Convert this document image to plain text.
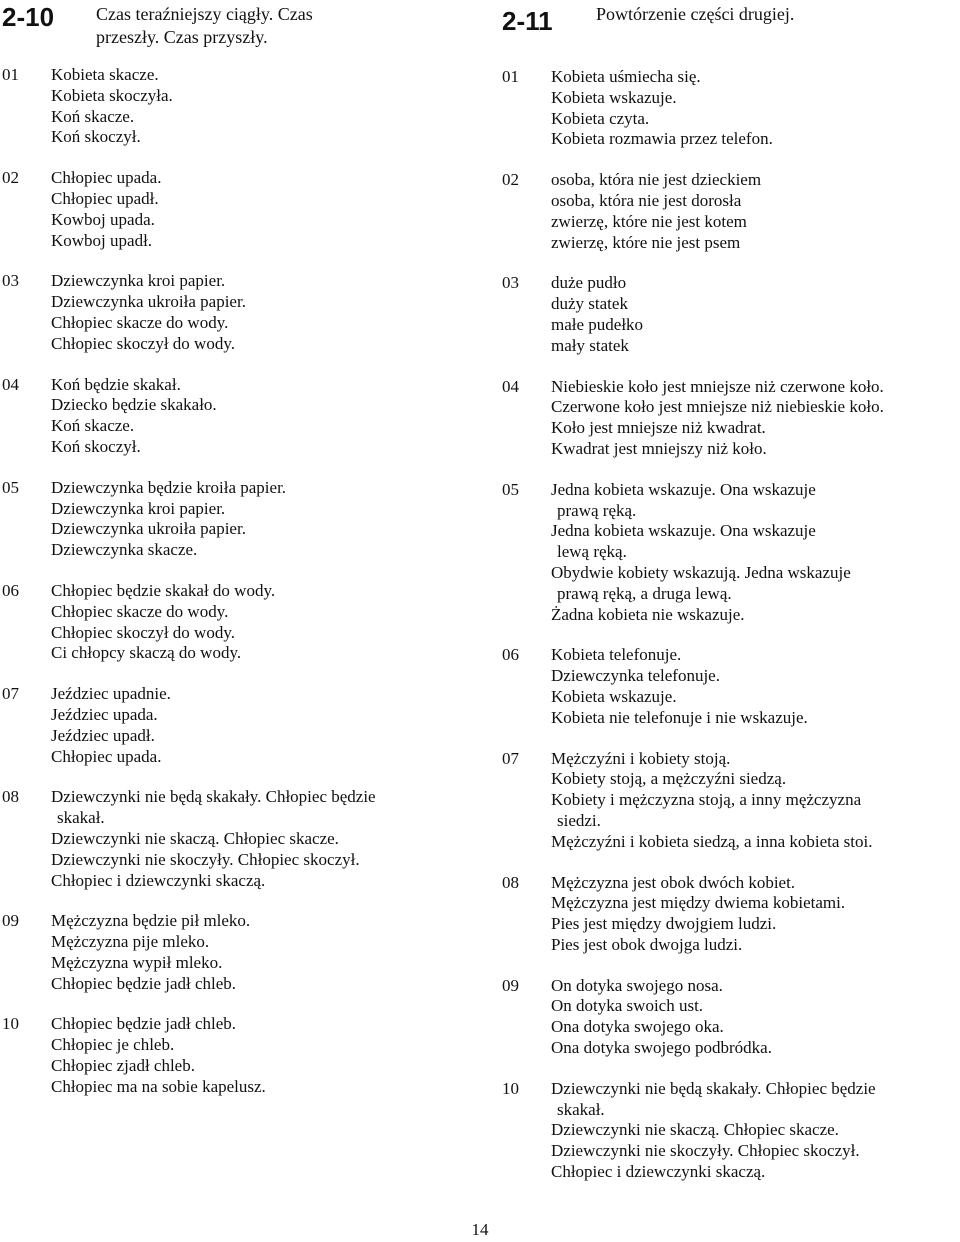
2-10 Czas teraźniejszy ciągły. Czas
przeszły. Czas przyszły.
01 Kobieta skacze.
Kobieta skoczyła.
Koń skacze.
Koń skoczył.
02 Chłopiec upada.
Chłopiec upadł.
Kowboj upada.
Kowboj upadł.
03 Dziewczynka kroi papier.
Dziewczynka ukroiła papier.
Chłopiec skacze do wody.
Chłopiec skoczył do wody.
04 Koń będzie skakał.
Dziecko będzie skakało.
Koń skacze.
Koń skoczył.
05 Dziewczynka będzie kroiła papier.
Dziewczynka kroi papier.
Dziewczynka ukroiła papier.
Dziewczynka skacze.
06 Chłopiec będzie skakał do wody.
Chłopiec skacze do wody.
Chłopiec skoczył do wody.
Ci chłopcy skaczą do wody.
07 Jeździec upadnie.
Jeździec upada.
Jeździec upadł.
Chłopiec upada.
08 Dziewczynki nie będą skakały. Chłopiec będzie
skakał.
Dziewczynki nie skaczą. Chłopiec skacze.
Dziewczynki nie skoczyły. Chłopiec skoczył.
Chłopiec i dziewczynki skaczą.
09 Mężczyzna będzie pił mleko.
Mężczyzna pije mleko.
Mężczyzna wypił mleko.
Chłopiec będzie jadł chleb.
10 Chłopiec będzie jadł chleb.
Chłopiec je chleb.
Chłopiec zjadł chleb.
Chłopiec ma na sobie kapelusz.
2-11 Powtórzenie części drugiej.
01 Kobieta uśmiecha się.
Kobieta wskazuje.
Kobieta czyta.
Kobieta rozmawia przez telefon.
02 osoba, która nie jest dzieckiem
osoba, która nie jest dorosła
zwierzę, które nie jest kotem
zwierzę, które nie jest psem
03 duże pudło
duży statek
małe pudełko
mały statek
04 Niebieskie koło jest mniejsze niż czerwone koło.
Czerwone koło jest mniejsze niż niebieskie koło.
Koło jest mniejsze niż kwadrat.
Kwadrat jest mniejszy niż koło.
05 Jedna kobieta wskazuje. Ona wskazuje
prawą ręką.
Jedna kobieta wskazuje. Ona wskazuje
lewą ręką.
Obydwie kobiety wskazują. Jedna wskazuje
prawą ręką, a druga lewą.
Żadna kobieta nie wskazuje.
06 Kobieta telefonuje.
Dziewczynka telefonuje.
Kobieta wskazuje.
Kobieta nie telefonuje i nie wskazuje.
07 Mężczyźni i kobiety stoją.
Kobiety stoją, a mężczyźni siedzą.
Kobiety i mężczyzna stoją, a inny mężczyzna
siedzi.
Mężczyźni i kobieta siedzą, a inna kobieta stoi.
08 Mężczyzna jest obok dwóch kobiet.
Mężczyzna jest między dwiema kobietami.
Pies jest między dwojgiem ludzi.
Pies jest obok dwojga ludzi.
09 On dotyka swojego nosa.
On dotyka swoich ust.
Ona dotyka swojego oka.
Ona dotyka swojego podbródka.
10 Dziewczynki nie będą skakały. Chłopiec będzie
skakał.
Dziewczynki nie skaczą. Chłopiec skacze.
Dziewczynki nie skoczyły. Chłopiec skoczył.
Chłopiec i dziewczynki skaczą.
14
